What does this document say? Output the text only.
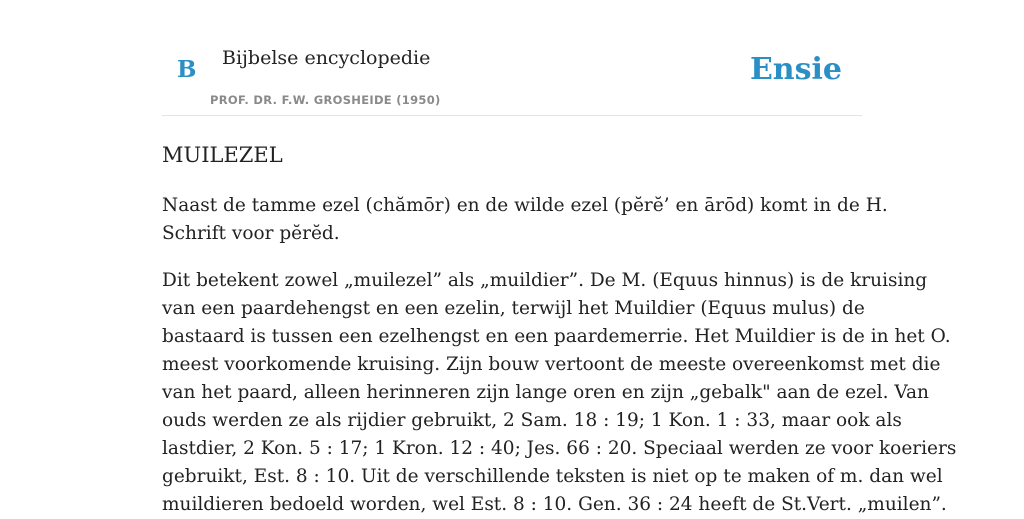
B Bijbelse encyclopedie
PROF. DR. F.W. GROSHEIDE (1950)
Ensie
MUILEZEL

Naast de tamme ezel (chămōr) en de wilde ezel (pĕrĕ’ en ārōd) komt in de H.
Schrift voor pĕrĕd.

Dit betekent zowel „muilezel” als „muildier”. De M. (Equus hinnus) is de kruising
van een paardehengst en een ezelin, terwijl het Muildier (Equus mulus) de
bastaard is tussen een ezelhengst en een paardemerrie. Het Muildier is de in het O.
meest voorkomende kruising. Zijn bouw vertoont de meeste overeenkomst met die
van het paard, alleen herinneren zijn lange oren en zijn „gebalk" aan de ezel. Van
ouds werden ze als rijdier gebruikt, 2 Sam. 18 : 19; 1 Kon. 1 : 33, maar ook als
lastdier, 2 Kon. 5 : 17; 1 Kron. 12 : 40; Jes. 66 : 20. Speciaal werden ze voor koeriers
gebruikt, Est. 8 : 10. Uit de verschillende teksten is niet op te maken of m. dan wel
muildieren bedoeld worden, wel Est. 8 : 10. Gen. 36 : 24 heeft de St.Vert. „muilen”.
